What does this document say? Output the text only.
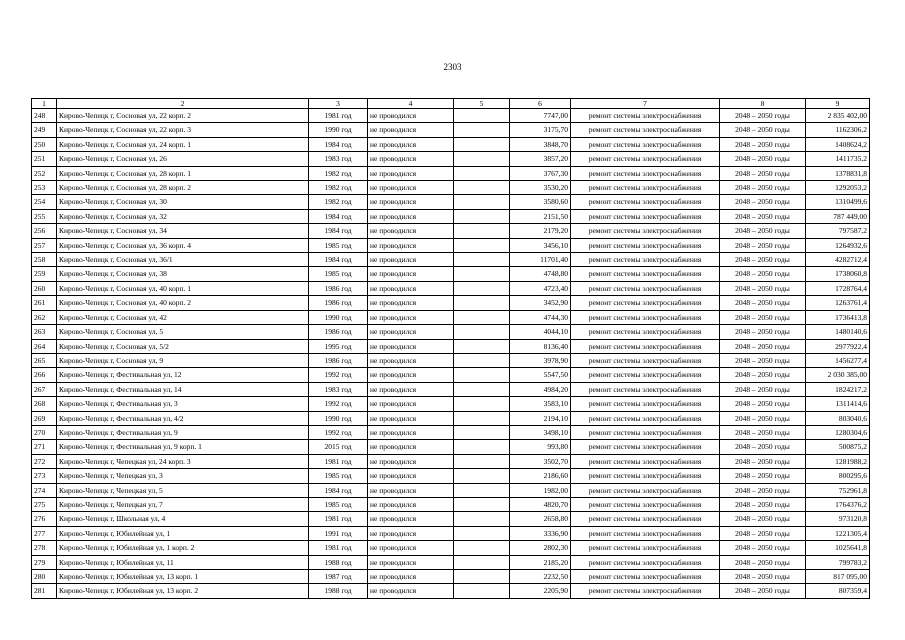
2303
1	2	3	4	5	6	7	8	9
248	Кирово-Чепецк г, Сосновая ул, 22 корп. 2	1981 год	не проводился		7747,00	ремонт системы электроснабжения	2048 – 2050 годы	2 835 402,00
249	Кирово-Чепецк г, Сосновая ул, 22 корп. 3	1990 год	не проводился		3175,70	ремонт системы электроснабжения	2048 – 2050 годы	1162306,2
250	Кирово-Чепецк г, Сосновая ул, 24 корп. 1	1984 год	не проводился		3848,70	ремонт системы электроснабжения	2048 – 2050 годы	1408624,2
251	Кирово-Чепецк г, Сосновая ул, 26	1983 год	не проводился		3857,20	ремонт системы электроснабжения	2048 – 2050 годы	1411735,2
252	Кирово-Чепецк г, Сосновая ул, 28 корп. 1	1982 год	не проводился		3767,30	ремонт системы электроснабжения	2048 – 2050 годы	1378831,8
253	Кирово-Чепецк г, Сосновая ул, 28 корп. 2	1982 год	не проводился		3530,20	ремонт системы электроснабжения	2048 – 2050 годы	1292053,2
254	Кирово-Чепецк г, Сосновая ул, 30	1982 год	не проводился		3580,60	ремонт системы электроснабжения	2048 – 2050 годы	1310499,6
255	Кирово-Чепецк г, Сосновая ул, 32	1984 год	не проводился		2151,50	ремонт системы электроснабжения	2048 – 2050 годы	787 449,00
256	Кирово-Чепецк г, Сосновая ул, 34	1984 год	не проводился		2179,20	ремонт системы электроснабжения	2048 – 2050 годы	797587,2
257	Кирово-Чепецк г, Сосновая ул, 36 корп. 4	1985 год	не проводился		3456,10	ремонт системы электроснабжения	2048 – 2050 годы	1264932,6
258	Кирово-Чепецк г, Сосновая ул, 36/1	1984 год	не проводился		11701,40	ремонт системы электроснабжения	2048 – 2050 годы	4282712,4
259	Кирово-Чепецк г, Сосновая ул, 38	1985 год	не проводился		4748,80	ремонт системы электроснабжения	2048 – 2050 годы	1738060,8
260	Кирово-Чепецк г, Сосновая ул, 40 корп. 1	1986 год	не проводился		4723,40	ремонт системы электроснабжения	2048 – 2050 годы	1728764,4
261	Кирово-Чепецк г, Сосновая ул, 40 корп. 2	1986 год	не проводился		3452,90	ремонт системы электроснабжения	2048 – 2050 годы	1263761,4
262	Кирово-Чепецк г, Сосновая ул, 42	1990 год	не проводился		4744,30	ремонт системы электроснабжения	2048 – 2050 годы	1736413,8
263	Кирово-Чепецк г, Сосновая ул, 5	1986 год	не проводился		4044,10	ремонт системы электроснабжения	2048 – 2050 годы	1480140,6
264	Кирово-Чепецк г, Сосновая ул, 5/2	1995 год	не проводился		8136,40	ремонт системы электроснабжения	2048 – 2050 годы	2977922,4
265	Кирово-Чепецк г, Сосновая ул, 9	1986 год	не проводился		3978,90	ремонт системы электроснабжения	2048 – 2050 годы	1456277,4
266	Кирово-Чепецк г, Фестивальная ул, 12	1992 год	не проводился		5547,50	ремонт системы электроснабжения	2048 – 2050 годы	2 030 385,00
267	Кирово-Чепецк г, Фестивальная ул, 14	1983 год	не проводился		4984,20	ремонт системы электроснабжения	2048 – 2050 годы	1824217,2
268	Кирово-Чепецк г, Фестивальная ул, 3	1992 год	не проводился		3583,10	ремонт системы электроснабжения	2048 – 2050 годы	1311414,6
269	Кирово-Чепецк г, Фестивальная ул, 4/2	1990 год	не проводился		2194,10	ремонт системы электроснабжения	2048 – 2050 годы	803040,6
270	Кирово-Чепецк г, Фестивальная ул, 9	1992 год	не проводился		3498,10	ремонт системы электроснабжения	2048 – 2050 годы	1280304,6
271	Кирово-Чепецк г, Фестивальная ул, 9 корп. 1	2015 год	не проводился		993,80	ремонт системы электроснабжения	2048 – 2050 годы	500875,2
272	Кирово-Чепецк г, Чепецкая ул, 24 корп. 3	1981 год	не проводился		3502,70	ремонт системы электроснабжения	2048 – 2050 годы	1281988,2
273	Кирово-Чепецк г, Чепецкая ул, 3	1985 год	не проводился		2186,60	ремонт системы электроснабжения	2048 – 2050 годы	800295,6
274	Кирово-Чепецк г, Чепецкая ул, 5	1984 год	не проводился		1982,00	ремонт системы электроснабжения	2048 – 2050 годы	752961,8
275	Кирово-Чепецк г, Чепецкая ул, 7	1985 год	не проводился		4820,70	ремонт системы электроснабжения	2048 – 2050 годы	1764376,2
276	Кирово-Чепецк г, Школьная ул, 4	1981 год	не проводился		2658,80	ремонт системы электроснабжения	2048 – 2050 годы	973120,8
277	Кирово-Чепецк г, Юбилейная ул, 1	1991 год	не проводился		3336,90	ремонт системы электроснабжения	2048 – 2050 годы	1221305,4
278	Кирово-Чепецк г, Юбилейная ул, 1 корп. 2	1981 год	не проводился		2802,30	ремонт системы электроснабжения	2048 – 2050 годы	1025641,8
279	Кирово-Чепецк г, Юбилейная ул, 11	1988 год	не проводился		2185,20	ремонт системы электроснабжения	2048 – 2050 годы	799783,2
280	Кирово-Чепецк г, Юбилейная ул, 13 корп. 1	1987 год	не проводился		2232,50	ремонт системы электроснабжения	2048 – 2050 годы	817 095,00
281	Кирово-Чепецк г, Юбилейная ул, 13 корп. 2	1988 год	не проводился		2205,90	ремонт системы электроснабжения	2048 – 2050 годы	807359,4
